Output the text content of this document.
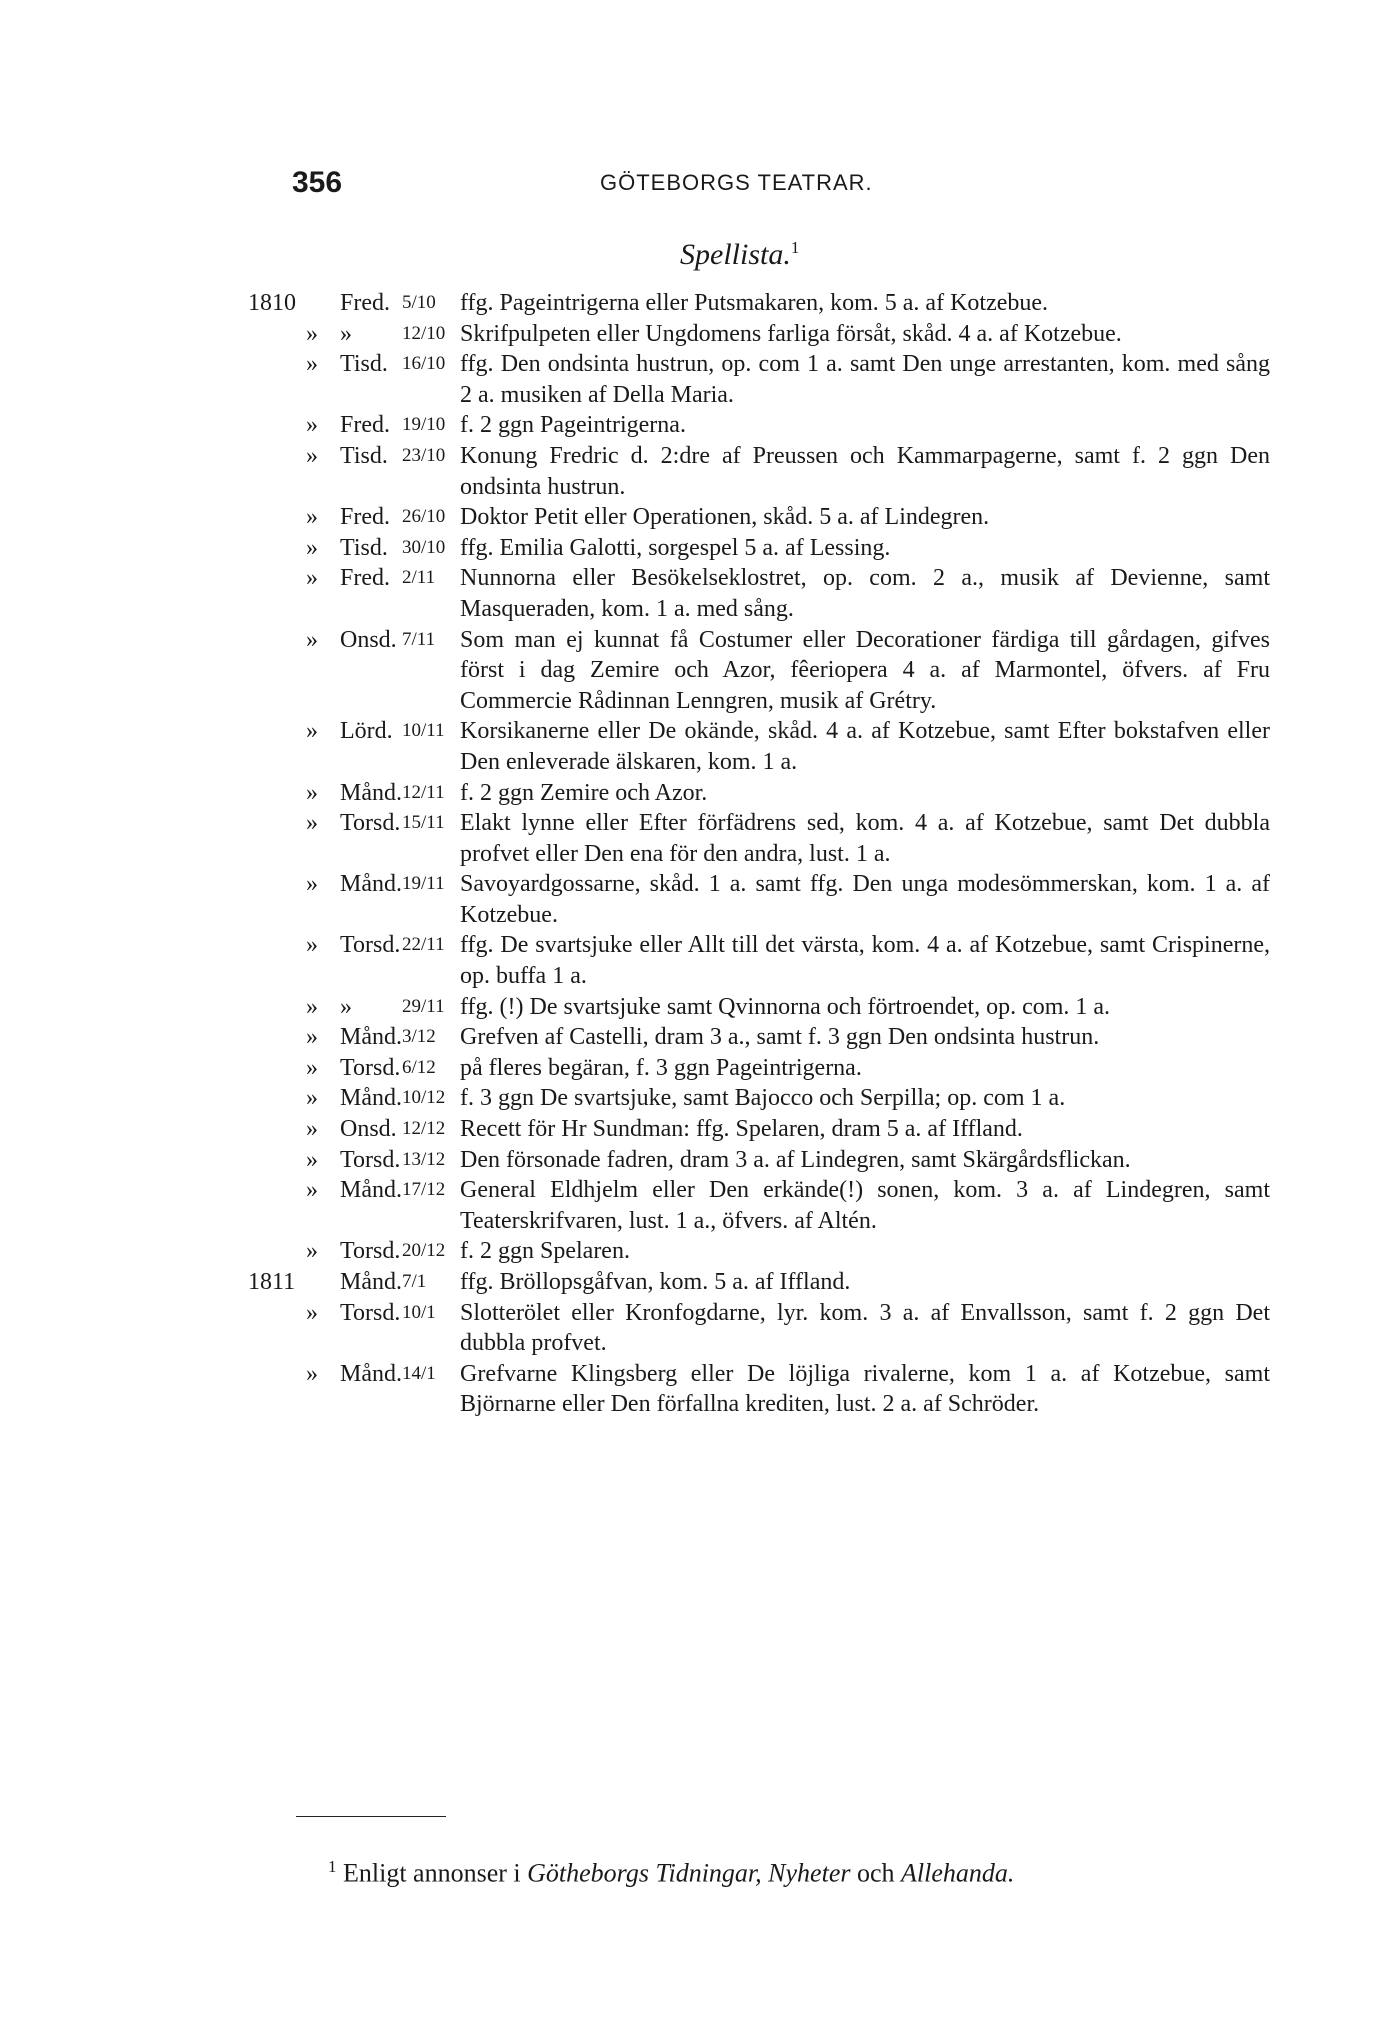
356	GÖTEBORGS TEATRAR.
Spellista.$^1$
1810 Fred. 5/10	ffg. Pageintrigerna eller Putsmakaren, kom. 5 a. af Kotzebue.
» »	12/10 Skrifpulpeten eller Ungdomens farliga försåt, skåd. 4 a. af Kotzebue.
» Tisd. 16/10 ffg. Den ondsinta hustrun, op. com 1 a. samt Den unge arrestanten, kom. med sång 2 a. musiken af Della Maria.
» Fred. 19/10 f. 2 ggn Pageintrigerna.
» Tisd. 23/10 Konung Fredric d. 2:dre af Preussen och Kammarpagerne, samt f. 2 ggn Den ondsinta hustrun.
» Fred. 26/10 Doktor Petit eller Operationen, skåd. 5 a. af Lindegren.
» Tisd. 30/10 ffg. Emilia Galotti, sorgespel 5 a. af Lessing.
» Fred. 2/11	Nunnorna eller Besökelseklostret, op. com. 2 a., musik af Devienne, samt Masqueraden, kom. 1 a. med sång.
» Onsd. 7/11	Som man ej kunnat få Costumer eller Decorationer färdiga till gårdagen, gifves först i dag Zemire och Azor, fêeriopera 4 a. af Marmontel, öfvers. af Fru Commercie Rådinnan Lenngren, musik af Grétry.
» Lörd. 10/11 Korsikanerne eller De okände, skåd. 4 a. af Kotzebue, samt Efter bokstafven eller Den enleverade älskaren, kom. 1 a.
» Månd. 12/11 f. 2 ggn Zemire och Azor.
» Torsd. 15/11 Elakt lynne eller Efter förfädrens sed, kom. 4 a. af Kotzebue, samt Det dubbla profvet eller Den ena för den andra, lust. 1 a.
» Månd. 19/11 Savoyardgossarne, skåd. 1 a. samt ffg. Den unga modesömmerskan, kom. 1 a. af Kotzebue.
» Torsd. 22/11 ffg. De svartsjuke eller Allt till det värsta, kom. 4 a. af Kotzebue, samt Crispinerne, op. buffa 1 a.
» »	29/11 ffg. (!) De svartsjuke samt Qvinnorna och förtroendet, op. com. 1 a.
» Månd. 3/12	Grefven af Castelli, dram 3 a., samt f. 3 ggn Den ondsinta hustrun.
» Torsd. 6/12	på fleres begäran, f. 3 ggn Pageintrigerna.
» Månd. 10/12 f. 3 ggn De svartsjuke, samt Bajocco och Serpilla; op. com 1 a.
» Onsd. 12/12 Recett för Hr Sundman: ffg. Spelaren, dram 5 a. af Iffland.
» Torsd. 13/12 Den försonade fadren, dram 3 a. af Lindegren, samt Skärgårdsflickan.
» Månd. 17/12 General Eldhjelm eller Den erkände(!) sonen, kom. 3 a. af Lindegren, samt Teaterskrifvaren, lust. 1 a., öfvers. af Altén.
» Torsd. 20/12 f. 2 ggn Spelaren.
1811 Månd. 7/1	ffg. Bröllopsgåfvan, kom. 5 a. af Iffland.
» Torsd. 10/1	Slotterölet eller Kronfogdarne, lyr. kom. 3 a. af Envallsson, samt f. 2 ggn Det dubbla profvet.
» Månd. 14/1	Grefvarne Klingsberg eller De löjliga rivalerne, kom 1 a. af Kotzebue, samt Björnarne eller Den förfallna krediten, lust. 2 a. af Schröder.
$^1$ Enligt annonser i Götheborgs Tidningar, Nyheter och Allehanda.
